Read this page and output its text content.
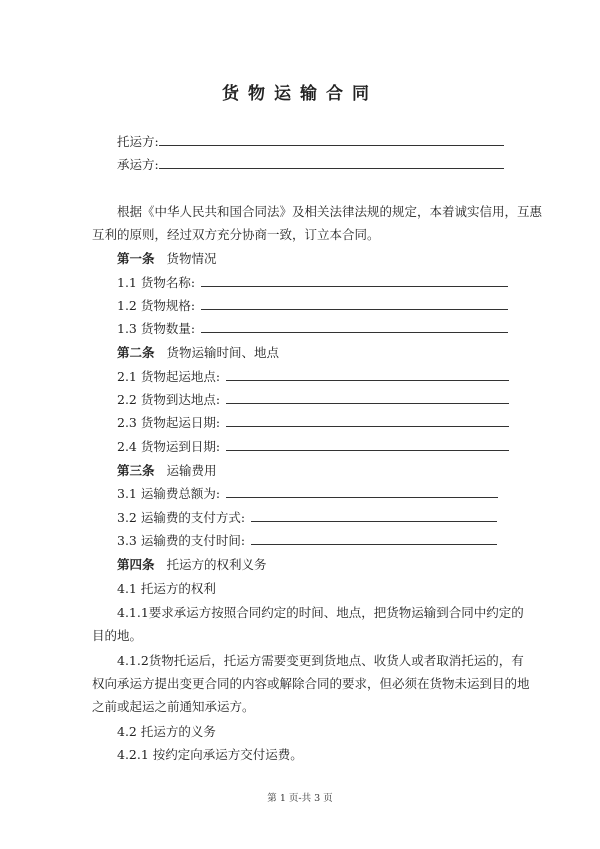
货物运输合同
托运方:
承运方:
根据《中华人民共和国合同法》及相关法律法规的规定，本着诚实信用，互惠
互利的原则，经过双方充分协商一致，订立本合同。
第一条 货物情况
1.1 货物名称:
1.2 货物规格:
1.3 货物数量:
第二条 货物运输时间、地点
2.1 货物起运地点:
2.2 货物到达地点:
2.3 货物起运日期:
2.4 货物运到日期:
第三条 运输费用
3.1 运输费总额为:
3.2 运输费的支付方式:
3.3 运输费的支付时间:
第四条 托运方的权利义务
4.1 托运方的权利
4.1.1要求承运方按照合同约定的时间、地点，把货物运输到合同中约定的
目的地。
4.1.2货物托运后，托运方需要变更到货地点、收货人或者取消托运的，有
权向承运方提出变更合同的内容或解除合同的要求，但必须在货物未运到目的地
之前或起运之前通知承运方。
4.2 托运方的义务
4.2.1 按约定向承运方交付运费。
第 1 页-共 3 页
